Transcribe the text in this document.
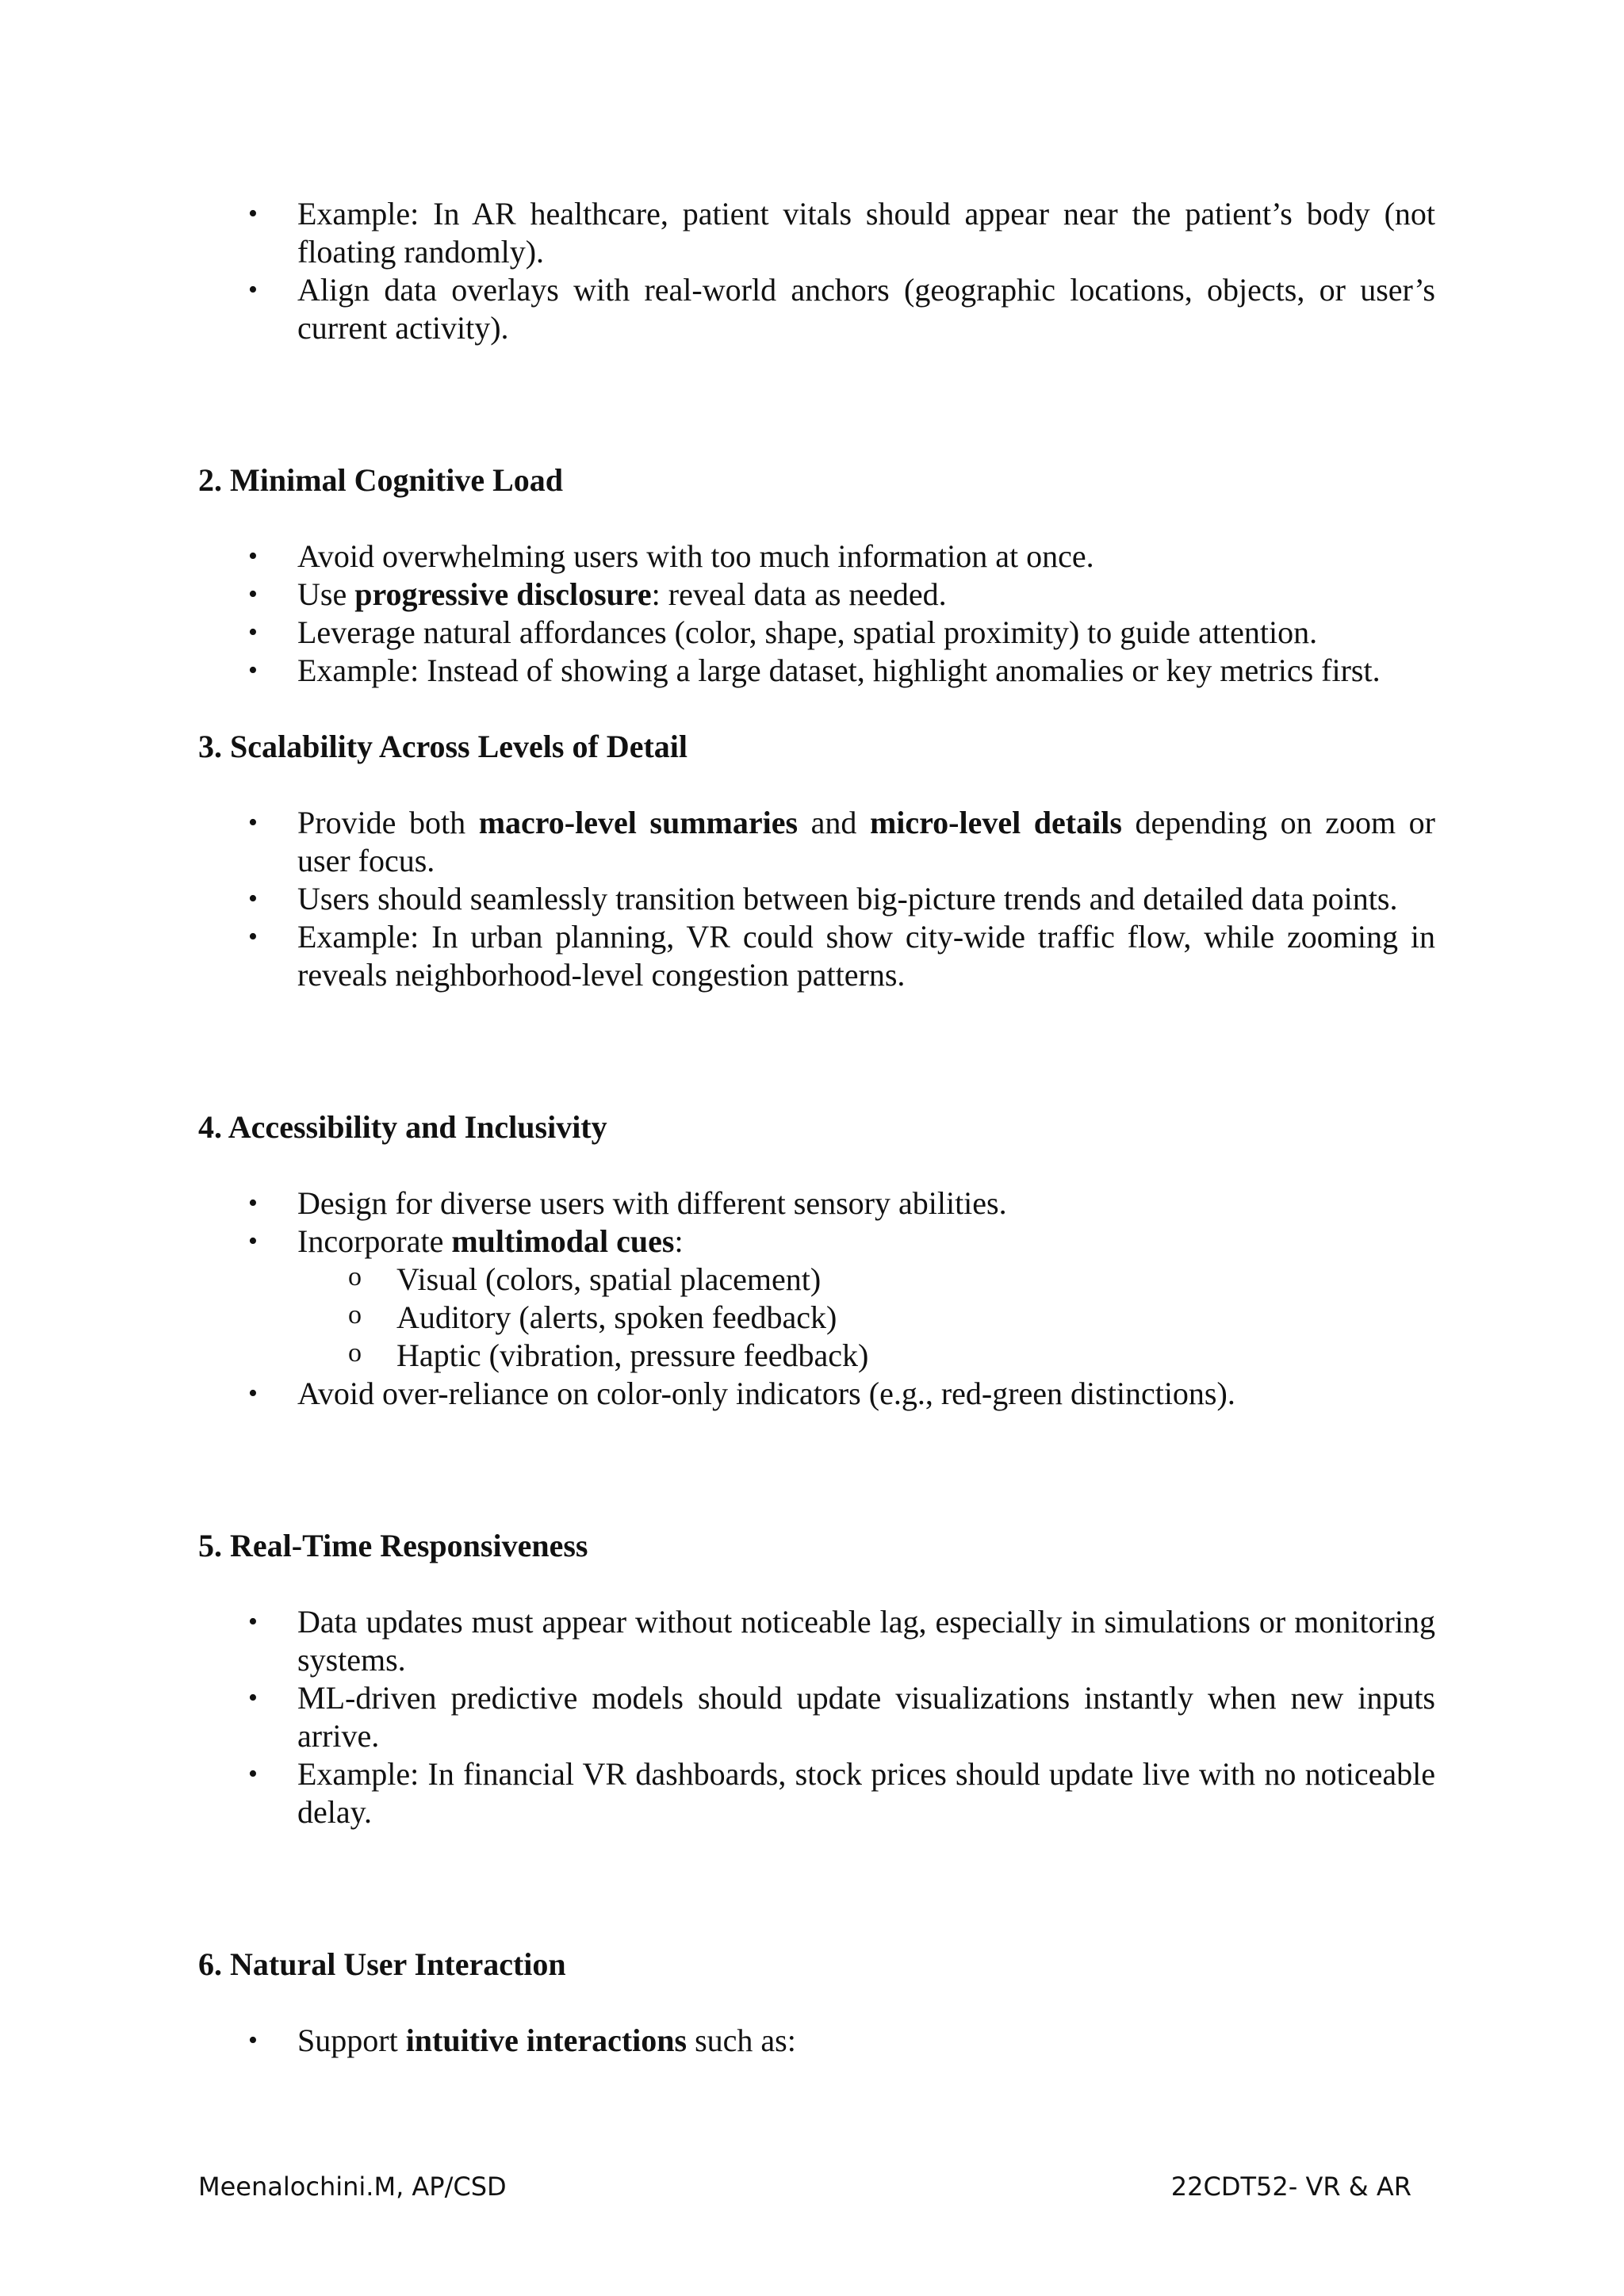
• Example: In AR healthcare, patient vitals should appear near the patient’s body (not floating randomly).
• Align data overlays with real-world anchors (geographic locations, objects, or user’s current activity).
2. Minimal Cognitive Load
• Avoid overwhelming users with too much information at once.
• Use progressive disclosure: reveal data as needed.
• Leverage natural affordances (color, shape, spatial proximity) to guide attention.
• Example: Instead of showing a large dataset, highlight anomalies or key metrics first.
3. Scalability Across Levels of Detail
• Provide both macro-level summaries and micro-level details depending on zoom or user focus.
• Users should seamlessly transition between big-picture trends and detailed data points.
• Example: In urban planning, VR could show city-wide traffic flow, while zooming in reveals neighborhood-level congestion patterns.
4. Accessibility and Inclusivity
• Design for diverse users with different sensory abilities.
• Incorporate multimodal cues:
o Visual (colors, spatial placement)
o Auditory (alerts, spoken feedback)
o Haptic (vibration, pressure feedback)
• Avoid over-reliance on color-only indicators (e.g., red-green distinctions).
5. Real-Time Responsiveness
• Data updates must appear without noticeable lag, especially in simulations or monitoring systems.
• ML-driven predictive models should update visualizations instantly when new inputs arrive.
• Example: In financial VR dashboards, stock prices should update live with no noticeable delay.
6. Natural User Interaction
• Support intuitive interactions such as:
Meenalochini.M, AP/CSD	22CDT52- VR & AR
